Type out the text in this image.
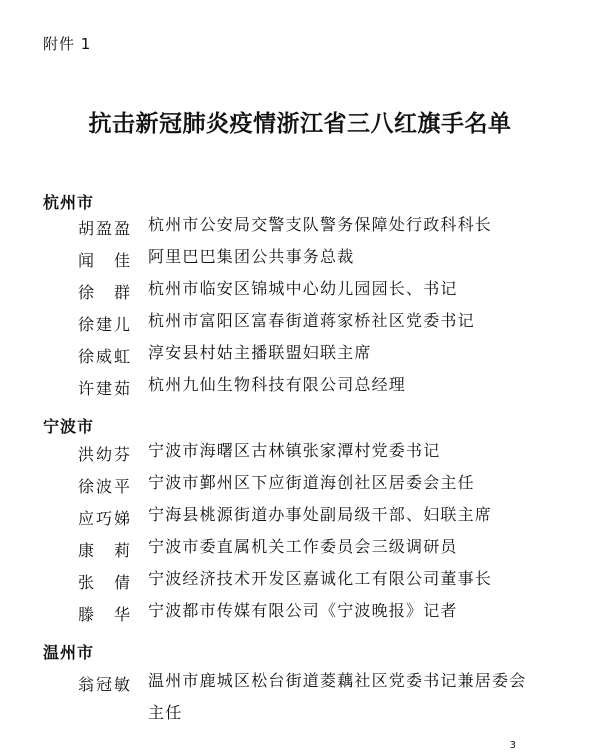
附件 1
抗击新冠肺炎疫情浙江省三八红旗手名单
杭州市
胡盈盈 杭州市公安局交警支队警务保障处行政科科长
闻 佳 阿里巴巴集团公共事务总裁
徐 群 杭州市临安区锦城中心幼儿园园长、书记
徐建儿 杭州市富阳区富春街道蒋家桥社区党委书记
徐威虹 淳安县村姑主播联盟妇联主席
许建茹 杭州九仙生物科技有限公司总经理
宁波市
洪幼芬 宁波市海曙区古林镇张家潭村党委书记
徐波平 宁波市鄞州区下应街道海创社区居委会主任
应巧娣 宁海县桃源街道办事处副局级干部、妇联主席
康 莉 宁波市委直属机关工作委员会三级调研员
张 倩 宁波经济技术开发区嘉诚化工有限公司董事长
滕 华 宁波都市传媒有限公司《宁波晚报》记者
温州市
翁冠敏 温州市鹿城区松台街道菱藕社区党委书记兼居委会主任
3
